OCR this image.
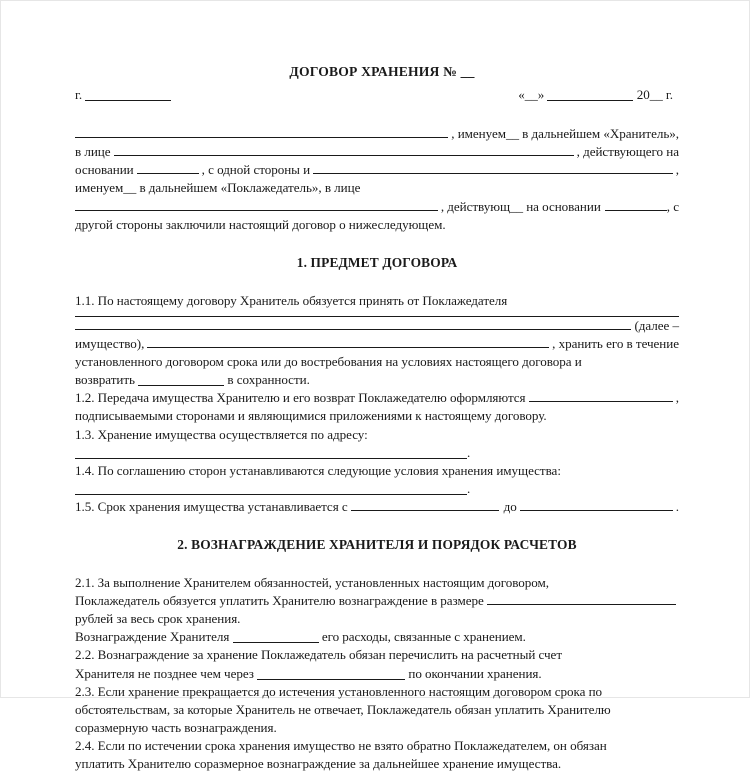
ДОГОВОР ХРАНЕНИЯ № __
г.	«__»	20__ г.
, именуем__ в дальнейшем «Хранитель»,
в лице	, действующего на
основании	, с одной стороны и	,
именуем__ в дальнейшем «Поклажедатель», в лице
, действующ__ на основании	, с
другой стороны заключили настоящий договор о нижеследующем.
1. ПРЕДМЕТ ДОГОВОРА
1.1. По настоящему договору Хранитель обязуется принять от Поклажедателя
(далее –
имущество),	, хранить его в течение
установленного договором срока или до востребования на условиях настоящего договора и
возвратить	в сохранности.
1.2. Передача имущества Хранителю и его возврат Поклажедателю оформляются	,
подписываемыми сторонами и являющимися приложениями к настоящему договору.
1.3. Хранение имущества осуществляется по адресу:
.
1.4. По соглашению сторон устанавливаются следующие условия хранения имущества:
.
1.5. Срок хранения имущества устанавливается с	до	.
2. ВОЗНАГРАЖДЕНИЕ ХРАНИТЕЛЯ И ПОРЯДОК РАСЧЕТОВ
2.1. За выполнение Хранителем обязанностей, установленных настоящим договором,
Поклажедатель обязуется уплатить Хранителю вознаграждение в размере
рублей за весь срок хранения.
Вознаграждение Хранителя	его расходы, связанные с хранением.
2.2. Вознаграждение за хранение Поклажедатель обязан перечислить на расчетный счет
Хранителя не позднее чем через	по окончании хранения.
2.3. Если хранение прекращается до истечения установленного настоящим договором срока по
обстоятельствам, за которые Хранитель не отвечает, Поклажедатель обязан уплатить Хранителю
соразмерную часть вознаграждения.
2.4. Если по истечении срока хранения имущество не взято обратно Поклажедателем, он обязан
уплатить Хранителю соразмерное вознаграждение за дальнейшее хранение имущества.
